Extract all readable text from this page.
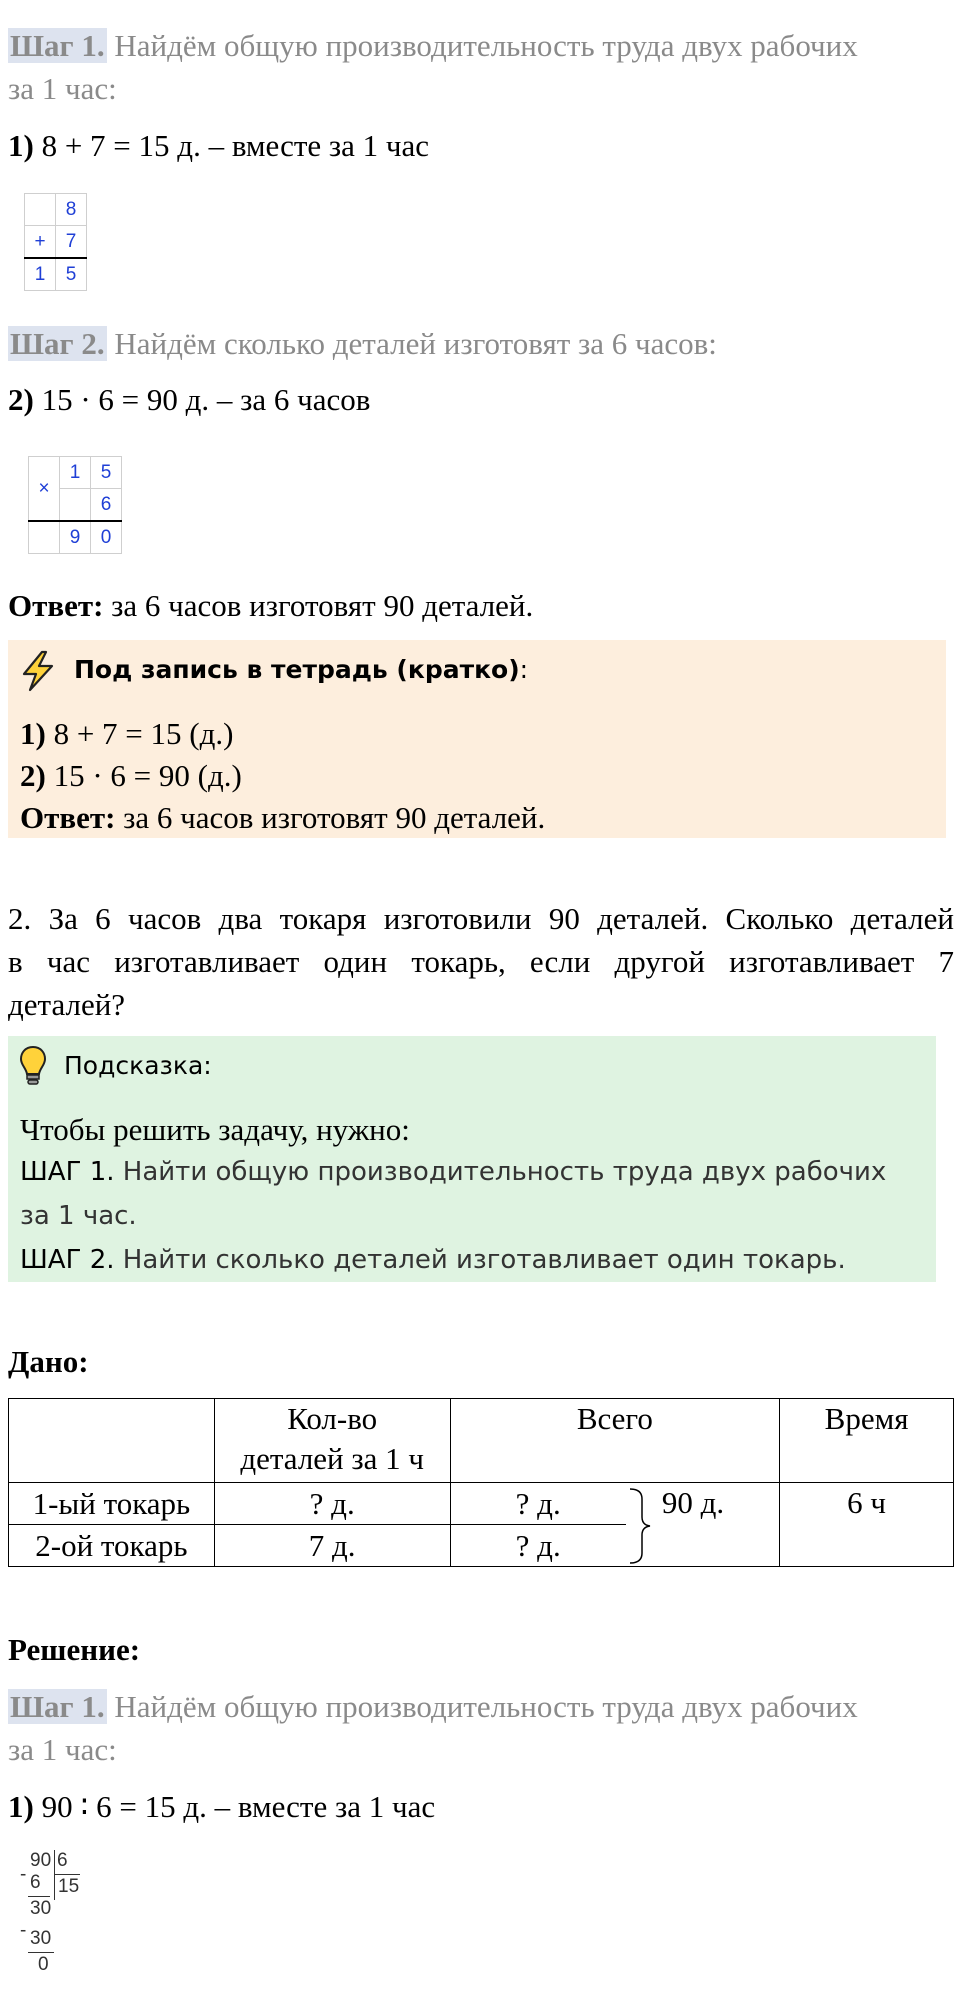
Шаг 1. Найдём общую производительность труда двух рабочих
за 1 час:
1) 8 + 7 = 15 д. – вместе за 1 час
	8
+	7
1	5
Шаг 2. Найдём сколько деталей изготовят за 6 часов:
2) 15 · 6 = 90 д. – за 6 часов
×	1	5
		6
	9	0
Ответ: за 6 часов изготовят 90 деталей.
Под запись в тетрадь (кратко):
1) 8 + 7 = 15 (д.)
2) 15 · 6 = 90 (д.)
Ответ: за 6 часов изготовят 90 деталей.
2. За 6 часов два токаря изготовили 90 деталей. Сколько деталей
в час изготавливает один токарь, если другой изготавливает 7
деталей?
Подсказка:
Чтобы решить задачу, нужно:
ШАГ 1. Найти общую производительность труда двух рабочих
за 1 час.
ШАГ 2. Найти сколько деталей изготавливает один токарь.
Дано:

	Кол-во
деталей за 1 ч	Всего		Время
1-ый токарь	? д.	? д.	90 д.	6 ч
2-ой токарь	7 д.	? д.		
Решение:
Шаг 1. Найдём общую производительность труда двух рабочих
за 1 час:
1) 90 ∶ 6 = 15 д. – вместе за 1 час
90 6
15
- 6
30
- 30
0
